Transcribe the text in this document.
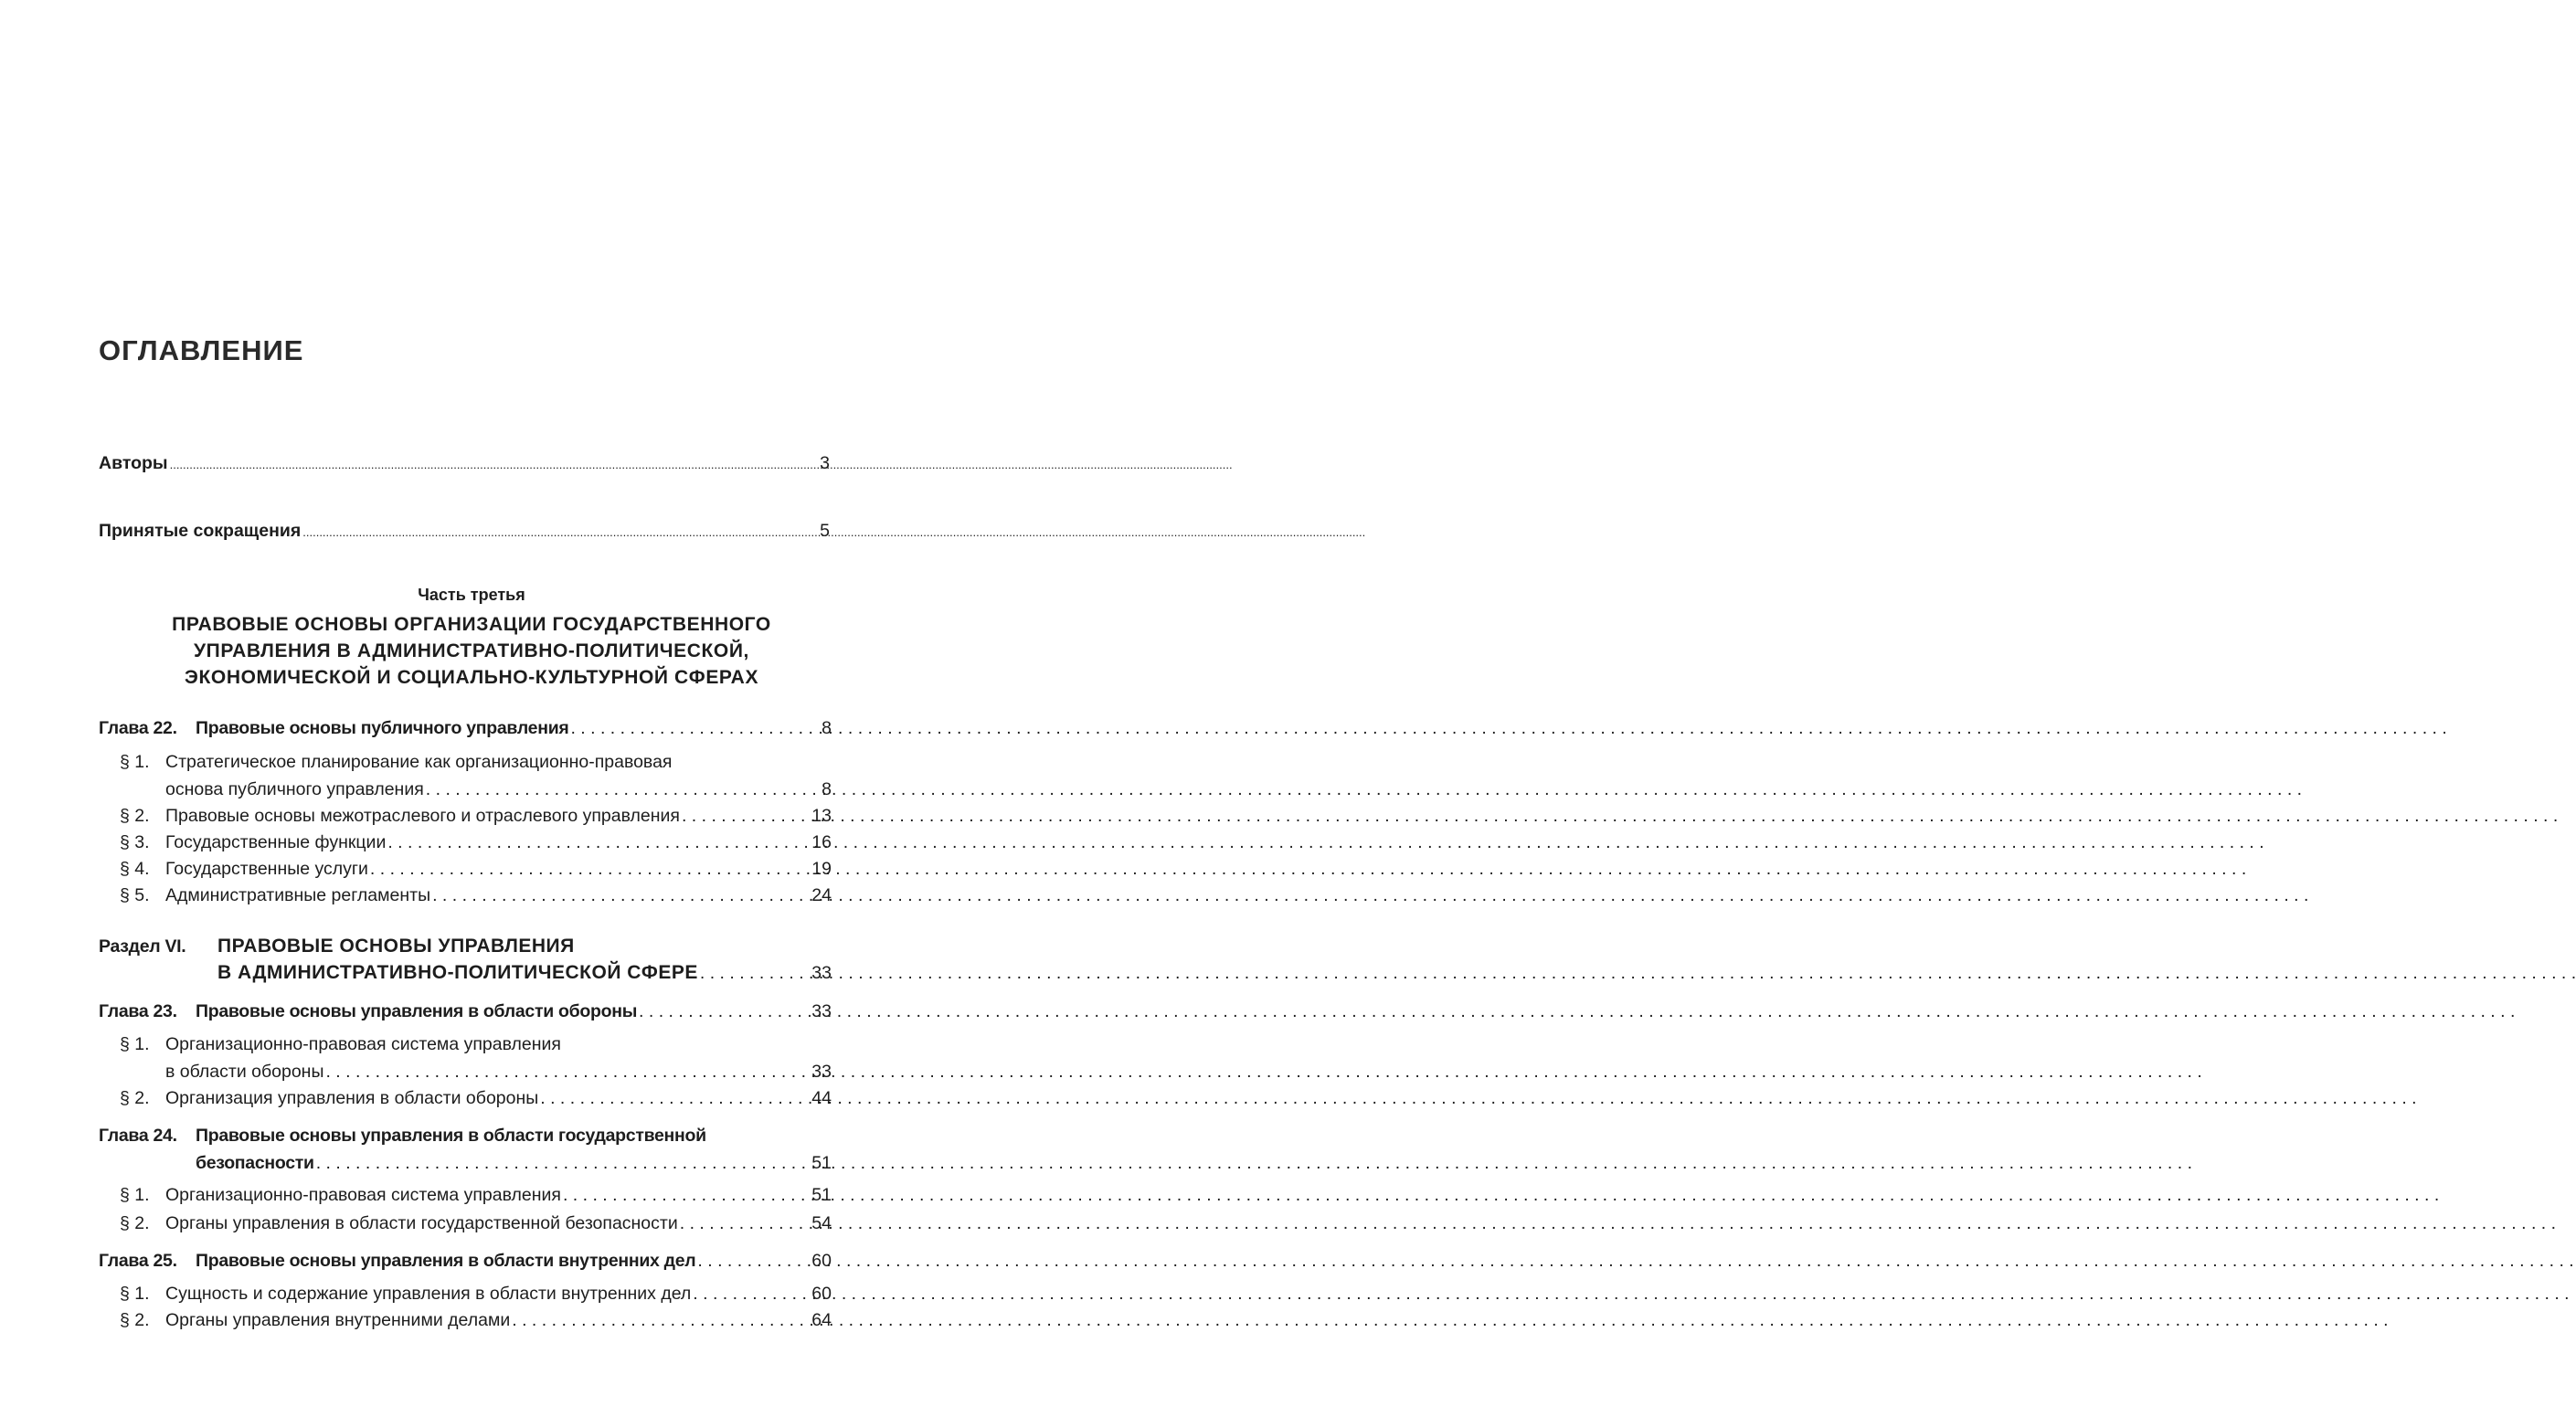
ОГЛАВЛЕНИЕ
Авторы .....	3
Принятые сокращения .....	5
Часть третья
ПРАВОВЫЕ ОСНОВЫ ОРГАНИЗАЦИИ ГОСУДАРСТВЕННОГО
УПРАВЛЕНИЯ В АДМИНИСТРАТИВНО-ПОЛИТИЧЕСКОЙ,
ЭКОНОМИЧЕСКОЙ И СОЦИАЛЬНО-КУЛЬТУРНОЙ СФЕРАХ
Глава 22. Правовые основы публичного управления . . .	8
§ 1. Стратегическое планирование как организационно-правовая
основа публичного управления . . .	8
§ 2. Правовые основы межотраслевого и отраслевого управления . . .	13
§ 3. Государственные функции . . .	16
§ 4. Государственные услуги . . .	19
§ 5. Административные регламенты . . .	24
Раздел VI. ПРАВОВЫЕ ОСНОВЫ УПРАВЛЕНИЯ
В АДМИНИСТРАТИВНО-ПОЛИТИЧЕСКОЙ СФЕРЕ . . .	33
Глава 23. Правовые основы управления в области обороны . . .	33
§ 1. Организационно-правовая система управления
в области обороны . . .	33
§ 2. Организация управления в области обороны . . .	44
Глава 24. Правовые основы управления в области государственной
безопасности . . .	51
§ 1. Организационно-правовая система управления . . .	51
§ 2. Органы управления в области государственной безопасности . . .	54
Глава 25. Правовые основы управления в области внутренних дел . . .	60
§ 1. Сущность и содержание управления в области внутренних дел . . .	60
§ 2. Органы управления внутренними делами . . .	64
